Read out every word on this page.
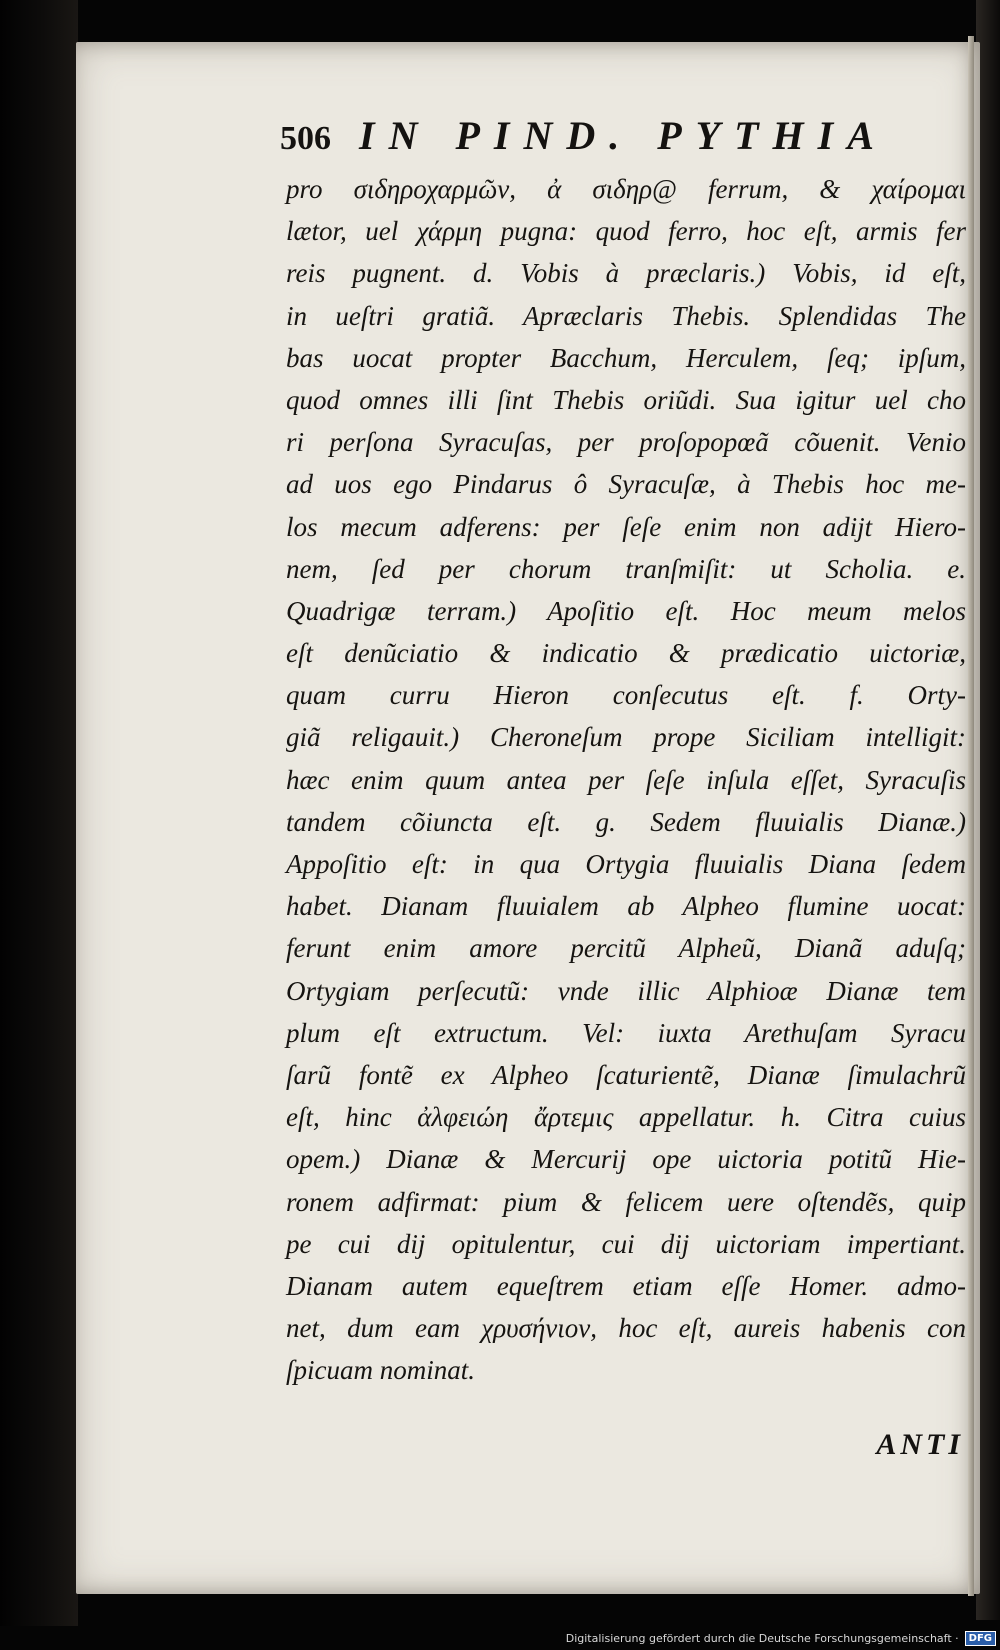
506 IN PIND. PYTHIA
pro σιδηροχαρμῶν, ἀ σιδηρ@ ferrum, & χαίρομαι
lætor, uel χάρμη pugna: quod ferro, hoc eſt, armis fer
reis pugnent. d. Vobis à præclaris.) Vobis, id eſt,
in ueſtri gratiã. Apræclaris Thebis. Splendidas The
bas uocat propter Bacchum, Herculem, ſeq; ipſum,
quod omnes illi ſint Thebis oriũdi. Sua igitur uel cho
ri perſona Syracuſas, per proſopopœã cõuenit. Venio
ad uos ego Pindarus ô Syracuſæ, à Thebis hoc me-
los mecum adferens: per ſeſe enim non adijt Hiero-
nem, ſed per chorum tranſmiſit: ut Scholia. e.
Quadrigæ terram.) Apoſitio eſt. Hoc meum melos
eſt denũciatio & indicatio & prædicatio uictoriæ,
quam curru Hieron conſecutus eſt. f. Orty-
giã religauit.) Cheroneſum prope Siciliam intelligit:
hæc enim quum antea per ſeſe inſula eſſet, Syracuſis
tandem cõiuncta eſt. g. Sedem fluuialis Dianæ.)
Appoſitio eſt: in qua Ortygia fluuialis Diana ſedem
habet. Dianam fluuialem ab Alpheo flumine uocat:
ferunt enim amore percitũ Alpheũ, Dianã aduſq;
Ortygiam perſecutũ: vnde illic Alphioæ Dianæ tem
plum eſt extructum. Vel: iuxta Arethuſam Syracu
ſarũ fontẽ ex Alpheo ſcaturientẽ, Dianæ ſimulachrũ
eſt, hinc ἀλφειώη ἄρτεμις appellatur. h. Citra cuius
opem.) Dianæ & Mercurij ope uictoria potitũ Hie-
ronem adfirmat: pium & felicem uere oſtendẽs, quip
pe cui dij opitulentur, cui dij uictoriam impertiant.
Dianam autem equeſtrem etiam eſſe Homer. admo-
net, dum eam χρυσήνιον, hoc eſt, aureis habenis con
ſpicuam nominat.
ANTI
Digitalisierung gefördert durch die Deutsche Forschungsgemeinschaft ·	DFG
